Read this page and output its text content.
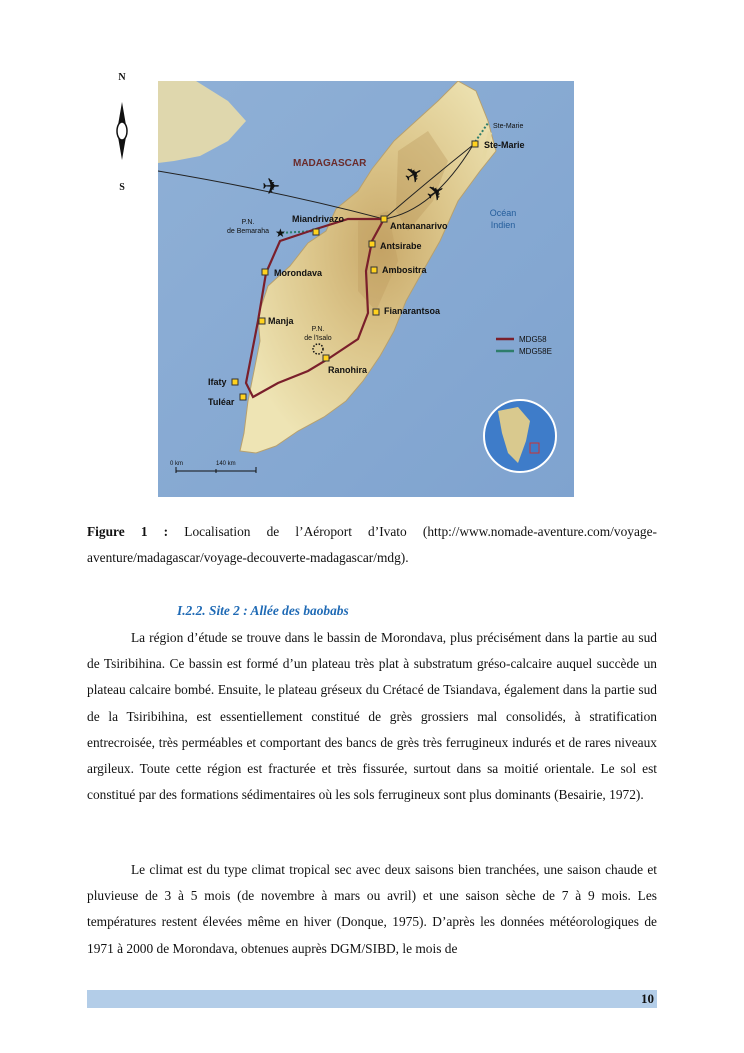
N
S	✈	✈
✈
★
MADAGASCAR
Océan
Indien
Ste-Marie
Ste-Marie
Antananarivo
Miandrivazo
P.N.
de Bemaraha
Antsirabe
Ambositra
Morondava
Fianarantsoa
Manja
P.N.
de l'Isalo
Ranohira
Ifaty
Tuléar
MDG58
MDG58E
0 km	140 km
Figure 1 : Localisation de l’Aéroport d’Ivato (http://www.nomade-aventure.com/voyage-aventure/madagascar/voyage-decouverte-madagascar/mdg).
I.2.2. Site 2 : Allée des baobabs

La région d’étude se trouve dans le bassin de Morondava, plus précisément dans la partie au sud de Tsiribihina. Ce bassin est formé d’un plateau très plat à substratum gréso-calcaire auquel succède un plateau calcaire bombé. Ensuite, le plateau gréseux du Crétacé de Tsiandava, également dans la partie sud de la Tsiribihina, est essentiellement constitué de grès grossiers mal consolidés, à stratification entrecroisée, très perméables et comportant des bancs de grès très ferrugineux indurés et de rares niveaux argileux. Toute cette région est fracturée et très fissurée, surtout dans sa moitié orientale. Le sol est constitué par des formations sédimentaires où les sols ferrugineux sont plus dominants (Besairie, 1972).

Le climat est du type climat tropical sec avec deux saisons bien tranchées, une saison chaude et pluvieuse de 3 à 5 mois (de novembre à mars ou avril) et une saison sèche de 7 à 9 mois. Les températures restent élevées même en hiver (Donque, 1975). D’après les données météorologiques de 1971 à 2000 de Morondava, obtenues auprès DGM/SIBD, le mois de

10
